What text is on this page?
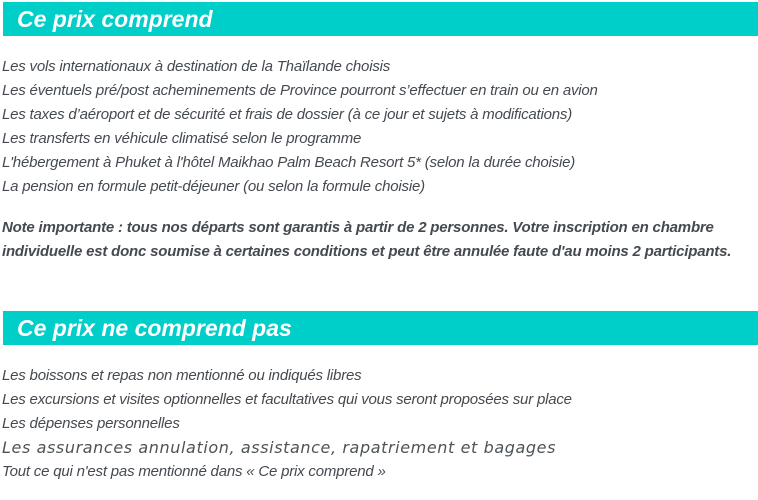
Ce prix comprend

Les vols internationaux à destination de la Thaïlande choisis

Les éventuels pré/post acheminements de Province pourront s’effectuer en train ou en avion

Les taxes d’aéroport et de sécurité et frais de dossier (à ce jour et sujets à modifications)

Les transferts en véhicule climatisé selon le programme

L'hébergement à Phuket à l'hôtel Maikhao Palm Beach Resort 5* (selon la durée choisie)

La pension en formule petit-déjeuner (ou selon la formule choisie)

Note importante : tous nos départs sont garantis à partir de 2 personnes. Votre inscription en chambre

individuelle est donc soumise à certaines conditions et peut être annulée faute d'au moins 2 participants.

Ce prix ne comprend pas

Les boissons et repas non mentionné ou indiqués libres

Les excursions et visites optionnelles et facultatives qui vous seront proposées sur place

Les dépenses personnelles

Les assurances annulation, assistance, rapatriement et bagages

Tout ce qui n'est pas mentionné dans « Ce prix comprend »
